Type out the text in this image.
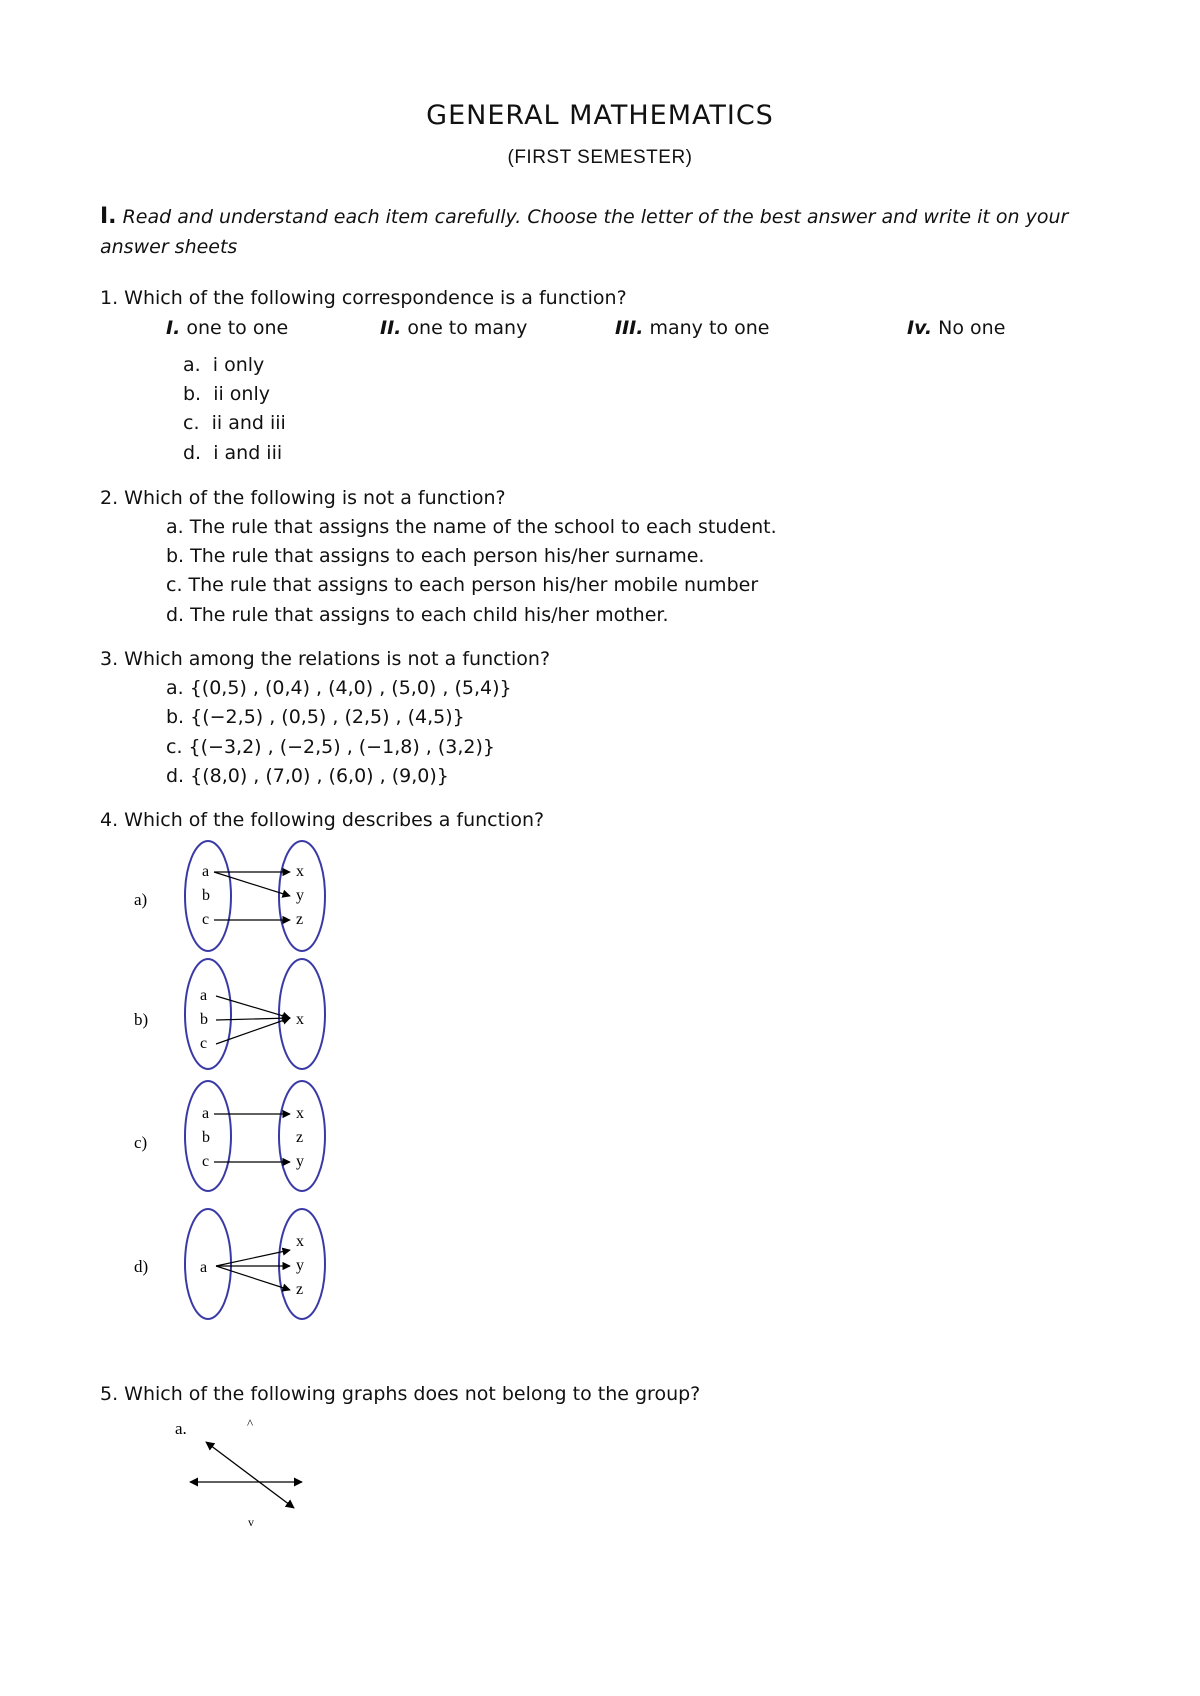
GENERAL MATHEMATICS
(FIRST SEMESTER)
I. Read and understand each item carefully. Choose the letter of the best answer and write it on your answer sheets
1. Which of the following correspondence is a function?
I. one to one	II. one to many	III. many to one	Iv. No one
a. i only
b. ii only
c. ii and iii
d. i and iii
2. Which of the following is not a function?
a. The rule that assigns the name of the school to each student.
b. The rule that assigns to each person his/her surname.
c. The rule that assigns to each person his/her mobile number
d. The rule that assigns to each child his/her mother.
3. Which among the relations is not a function?
a. {(0,5) , (0,4) , (4,0) , (5,0) , (5,4)}
b. {(−2,5) , (0,5) , (2,5) , (4,5)}
c. {(−3,2) , (−2,5) , (−1,8) , (3,2)}
d. {(8,0) , (7,0) , (6,0) , (9,0)}
4. Which of the following describes a function?
a)
a
b
c
x
y
z
b)
a
b
c
x
c)
a
b
c
x
z
y
d)	a
x
y
z
5. Which of the following graphs does not belong to the group?
a.	^
v
